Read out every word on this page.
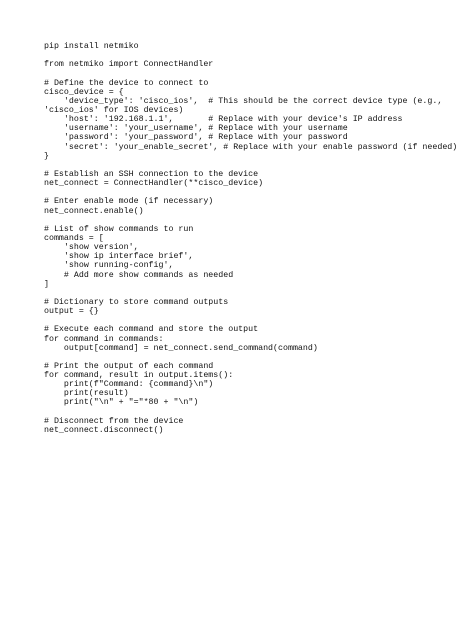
pip install netmiko
from netmiko import ConnectHandler
# Define the device to connect to
cisco_device = {
'device_type': 'cisco_ios',  # This should be the correct device type (e.g.,
'cisco_ios' for IOS devices)
'host': '192.168.1.1',       # Replace with your device's IP address
'username': 'your_username', # Replace with your username
'password': 'your_password', # Replace with your password
'secret': 'your_enable_secret', # Replace with your enable password (if needed)
}
# Establish an SSH connection to the device
net_connect = ConnectHandler(**cisco_device)
# Enter enable mode (if necessary)
net_connect.enable()
# List of show commands to run
commands = [
'show version',
'show ip interface brief',
'show running-config',
# Add more show commands as needed
]
# Dictionary to store command outputs
output = {}
# Execute each command and store the output
for command in commands:
output[command] = net_connect.send_command(command)
# Print the output of each command
for command, result in output.items():
print(f"Command: {command}\n")
print(result)
print("\n" + "="*80 + "\n")
# Disconnect from the device
net_connect.disconnect()
